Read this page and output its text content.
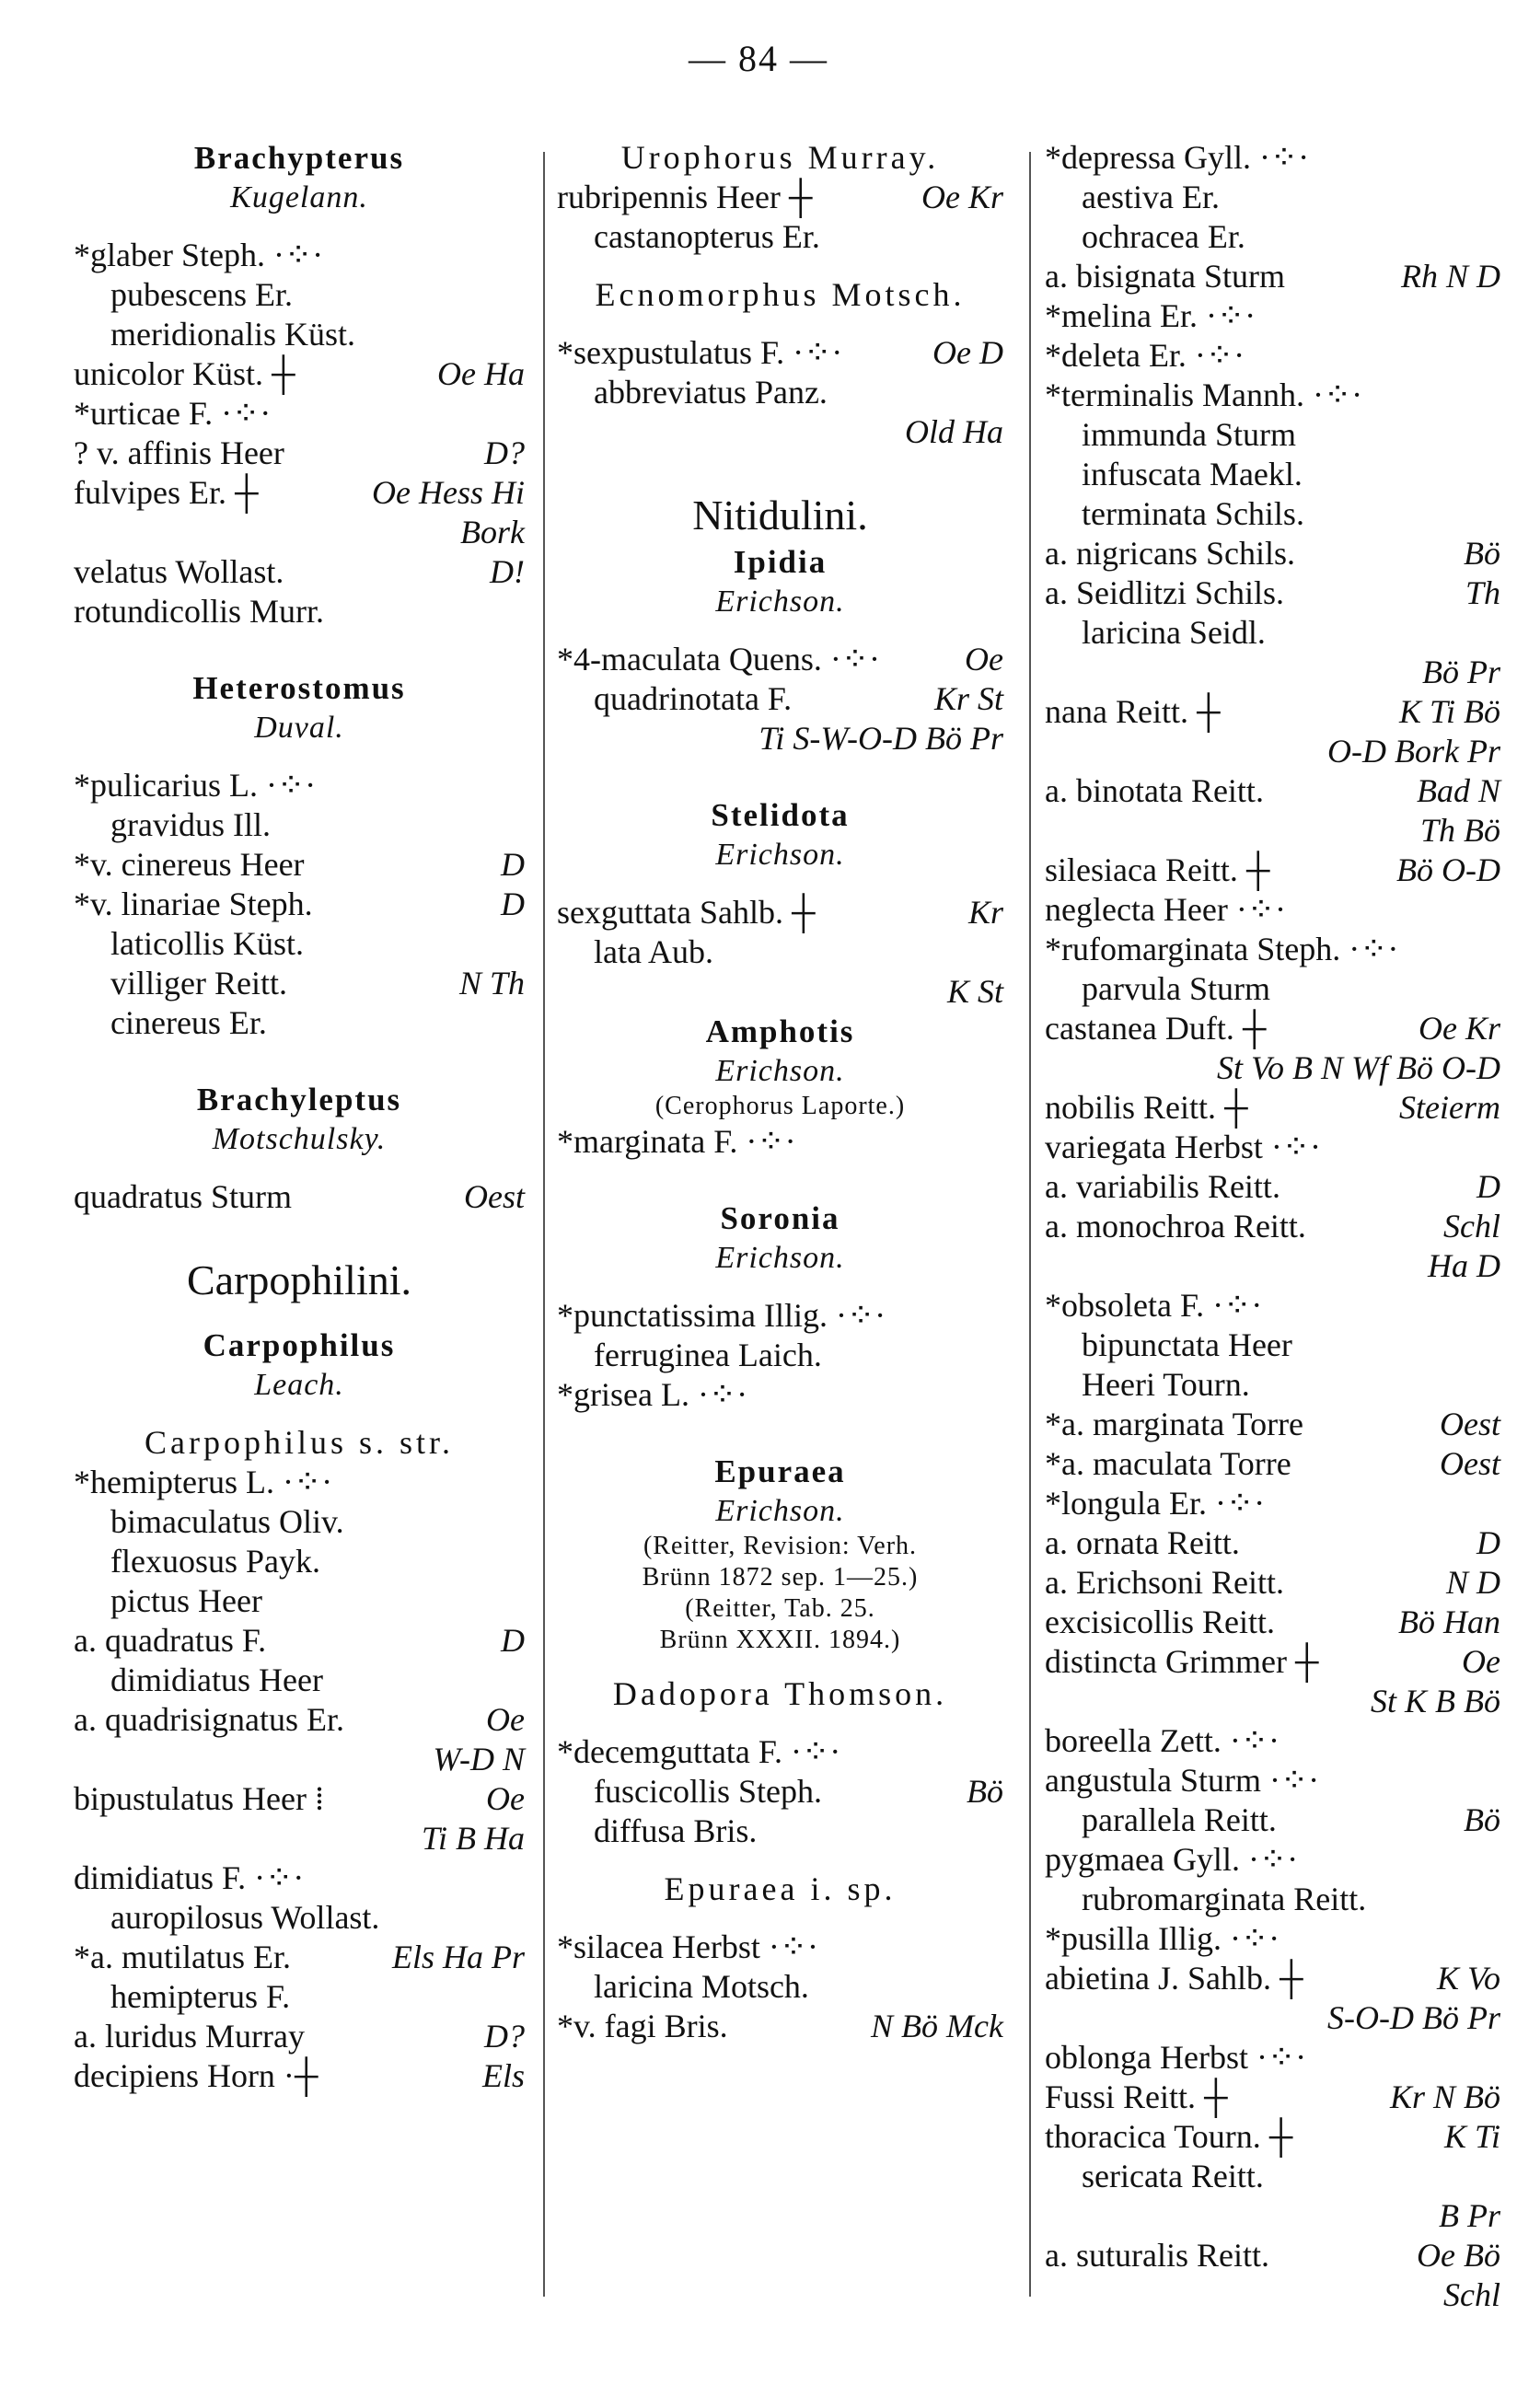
— 84 —
Brachypterus
Kugelann.
*glaber Steph. ·⁘·
pubescens Er.
meridionalis Küst.
unicolor Küst. ┼	Oe Ha
*urticae F. ·⁘·
? v. affinis Heer	D?
fulvipes Er. ┼	Oe Hess Hi
Bork
velatus Wollast.	D!
rotundicollis Murr.
Heterostomus
Duval.
*pulicarius L. ·⁘·
gravidus Ill.
*v. cinereus Heer	D
*v. linariae Steph.	D
laticollis Küst.
villiger Reitt.	N Th
cinereus Er.
Brachyleptus
Motschulsky.
quadratus Sturm	Oest
Carpophilini.
Carpophilus
Leach.
Carpophilus s. str.
*hemipterus L. ·⁘·
bimaculatus Oliv.
flexuosus Payk.
pictus Heer
a. quadratus F.	D
dimidiatus Heer
a. quadrisignatus Er.	Oe
W-D N
bipustulatus Heer ⁞	Oe
Ti B Ha
dimidiatus F. ·⁘·
auropilosus Wollast.
*a. mutilatus Er.	Els Ha Pr
hemipterus F.
a. luridus Murray	D?
decipiens Horn ·┼	Els
Urophorus Murray.
rubripennis Heer ┼	Oe Kr
castanopterus Er.
Ecnomorphus Motsch.
*sexpustulatus F. ·⁘·	Oe D
abbreviatus Panz.
Old Ha
Nitidulini.
Ipidia
Erichson.
*4-maculata Quens. ·⁘·	Oe
quadrinotata F.	Kr St
Ti S-W-O-D Bö Pr
Stelidota
Erichson.
sexguttata Sahlb. ┼	Kr
lata Aub.
K St
Amphotis
Erichson.
(Cerophorus Laporte.)
*marginata F. ·⁘·
Soronia
Erichson.
*punctatissima Illig. ·⁘·
ferruginea Laich.
*grisea L. ·⁘·
Epuraea
Erichson.
(Reitter, Revision: Verh.
Brünn 1872 sep. 1—25.)
(Reitter, Tab. 25.
Brünn XXXII. 1894.)
Dadopora Thomson.
*decemguttata F. ·⁘·
fuscicollis Steph.	Bö
diffusa Bris.
Epuraea i. sp.
*silacea Herbst ·⁘·
laricina Motsch.
*v. fagi Bris.	N Bö Mck
*depressa Gyll. ·⁘·
aestiva Er.
ochracea Er.
a. bisignata Sturm	Rh N D
*melina Er. ·⁘·
*deleta Er. ·⁘·
*terminalis Mannh. ·⁘·
immunda Sturm
infuscata Maekl.
terminata Schils.
a. nigricans Schils.	Bö
a. Seidlitzi Schils.	Th
laricina Seidl.
Bö Pr
nana Reitt. ┼	K Ti Bö
O-D Bork Pr
a. binotata Reitt.	Bad N
Th Bö
silesiaca Reitt. ┼	Bö O-D
neglecta Heer ·⁘·
*rufomarginata Steph. ·⁘·
parvula Sturm
castanea Duft. ┼	Oe Kr
St Vo B N Wf Bö O-D
nobilis Reitt. ┼	Steierm
variegata Herbst ·⁘·
a. variabilis Reitt.	D
a. monochroa Reitt.	Schl
Ha D
*obsoleta F. ·⁘·
bipunctata Heer
Heeri Tourn.
*a. marginata Torre	Oest
*a. maculata Torre	Oest
*longula Er. ·⁘·
a. ornata Reitt.	D
a. Erichsoni Reitt.	N D
excisicollis Reitt.	Bö Han
distincta Grimmer ┼	Oe
St K B Bö
boreella Zett. ·⁘·
angustula Sturm ·⁘·
parallela Reitt.	Bö
pygmaea Gyll. ·⁘·
rubromarginata Reitt.
*pusilla Illig. ·⁘·
abietina J. Sahlb. ┼	K Vo
S-O-D Bö Pr
oblonga Herbst ·⁘·
Fussi Reitt. ┼	Kr N Bö
thoracica Tourn. ┼	K Ti
sericata Reitt.
B Pr
a. suturalis Reitt.	Oe Bö
Schl
